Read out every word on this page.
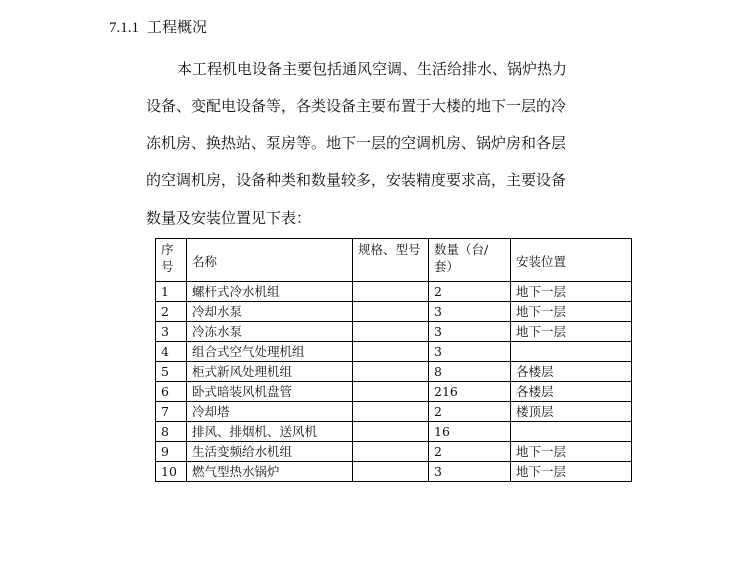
7.1.1 工程概况
本工程机电设备主要包括通风空调、生活给排水、锅炉热力
设备、变配电设备等，各类设备主要布置于大楼的地下一层的冷
冻机房、换热站、泵房等。地下一层的空调机房、锅炉房和各层
的空调机房，设备种类和数量较多，安装精度要求高，主要设备
数量及安装位置见下表：
序号	名称	规格、型号	数量（台/套）	安装位置
1	螺杆式冷水机组		2	地下一层
2	冷却水泵		3	地下一层
3	冷冻水泵		3	地下一层
4	组合式空气处理机组		3	
5	柜式新风处理机组		8	各楼层
6	卧式暗装风机盘管		216	各楼层
7	冷却塔		2	楼顶层
8	排风、排烟机、送风机		16	
9	生活变频给水机组		2	地下一层
10	燃气型热水锅炉		3	地下一层
